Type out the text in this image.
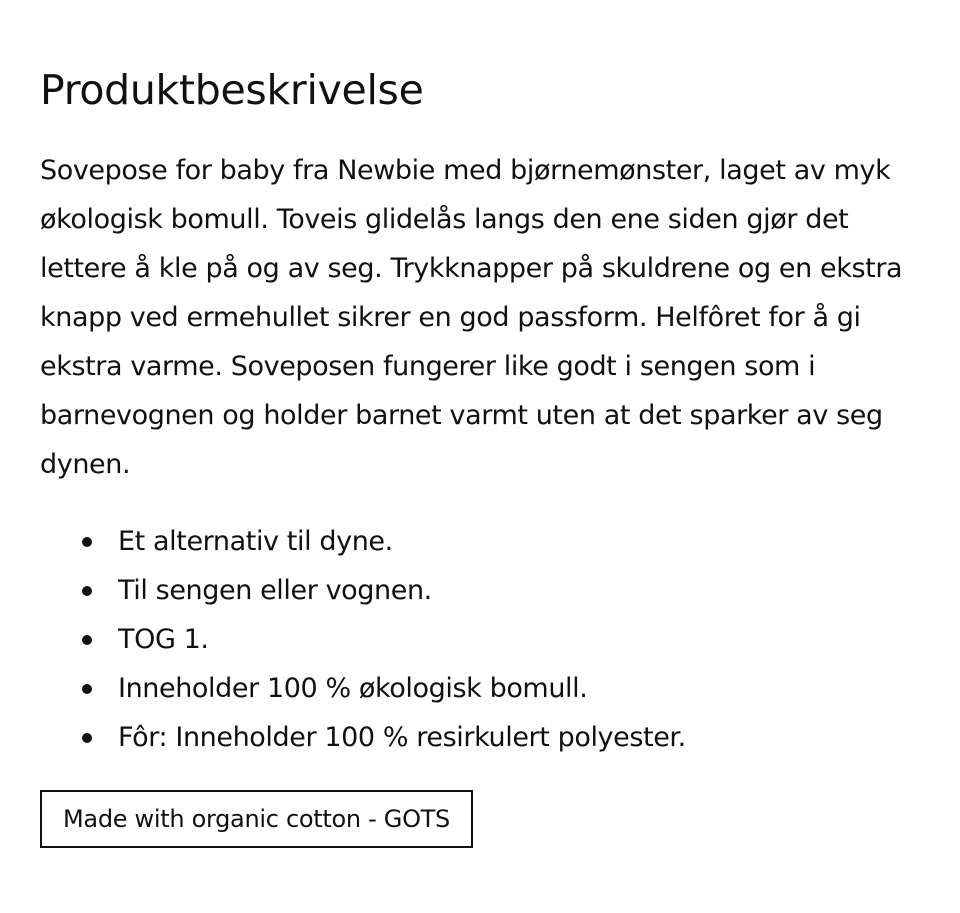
Produktbeskrivelse

Sovepose for baby fra Newbie med bjørnemønster, laget av myk økologisk bomull. Toveis glidelås langs den ene siden gjør det lettere å kle på og av seg. Trykknapper på skuldrene og en ekstra knapp ved ermehullet sikrer en god passform. Helfôret for å gi ekstra varme. Soveposen fungerer like godt i sengen som i barnevognen og holder barnet varmt uten at det sparker av seg dynen.

Et alternativ til dyne.
Til sengen eller vognen.
TOG 1.
Inneholder 100 % økologisk bomull.
Fôr: Inneholder 100 % resirkulert polyester.
Made with organic cotton - GOTS
